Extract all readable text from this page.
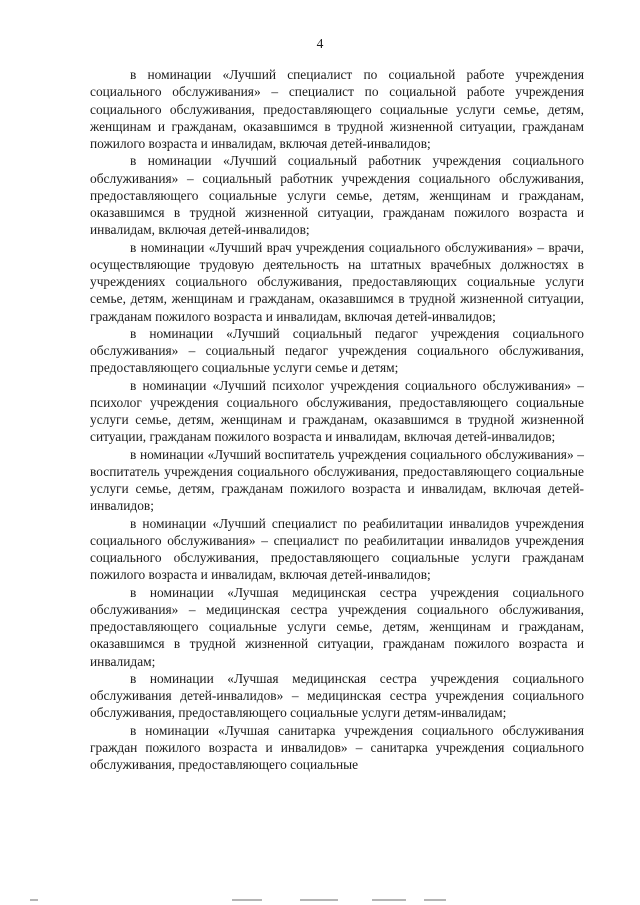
4

в номинации «Лучший специалист по социальной работе учреждения социального обслуживания» – специалист по социальной работе учреждения социального обслуживания, предоставляющего социальные услуги семье, детям, женщинам и гражданам, оказавшимся в трудной жизненной ситуации, гражданам пожилого возраста и инвалидам, включая детей-инвалидов;

в номинации «Лучший социальный работник учреждения социального обслуживания» – социальный работник учреждения социального обслуживания, предоставляющего социальные услуги семье, детям, женщинам и гражданам, оказавшимся в трудной жизненной ситуации, гражданам пожилого возраста и инвалидам, включая детей-инвалидов;

в номинации «Лучший врач учреждения социального обслуживания» – врачи, осуществляющие трудовую деятельность на штатных врачебных должностях в учреждениях социального обслуживания, предоставляющих социальные услуги семье, детям, женщинам и гражданам, оказавшимся в трудной жизненной ситуации, гражданам пожилого возраста и инвалидам, включая детей-инвалидов;

в номинации «Лучший социальный педагог учреждения социального обслуживания» – социальный педагог учреждения социального обслуживания, предоставляющего социальные услуги семье и детям;

в номинации «Лучший психолог учреждения социального обслуживания» – психолог учреждения социального обслуживания, предоставляющего социальные услуги семье, детям, женщинам и гражданам, оказавшимся в трудной жизненной ситуации, гражданам пожилого возраста и инвалидам, включая детей-инвалидов;

в номинации «Лучший воспитатель учреждения социального обслуживания» – воспитатель учреждения социального обслуживания, предоставляющего социальные услуги семье, детям, гражданам пожилого возраста и инвалидам, включая детей-инвалидов;

в номинации «Лучший специалист по реабилитации инвалидов учреждения социального обслуживания» – специалист по реабилитации инвалидов учреждения социального обслуживания, предоставляющего социальные услуги гражданам пожилого возраста и инвалидам, включая детей-инвалидов;

в номинации «Лучшая медицинская сестра учреждения социального обслуживания» – медицинская сестра учреждения социального обслуживания, предоставляющего социальные услуги семье, детям, женщинам и гражданам, оказавшимся в трудной жизненной ситуации, гражданам пожилого возраста и инвалидам;

в номинации «Лучшая медицинская сестра учреждения социального обслуживания детей-инвалидов» – медицинская сестра учреждения социального обслуживания, предоставляющего социальные услуги детям-инвалидам;

в номинации «Лучшая санитарка учреждения социального обслуживания граждан пожилого возраста и инвалидов» – санитарка учреждения социального обслуживания, предоставляющего социальные
